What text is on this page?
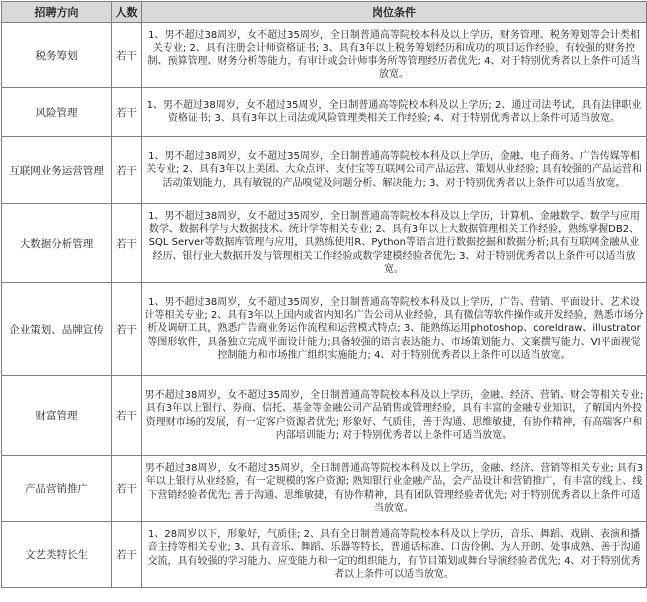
招聘方向	人数	岗位条件
税务筹划	若干	1、男不超过38周岁，女不超过35周岁，全日制普通高等院校本科及以上学历，财务管理、税务筹划等会计类相关专业; 2、具有注册会计师资格证书; 3、具有3年以上税务筹划经历和成功的项目运作经验，有较强的财务控制、预算管理、财务分析等能力，有审计或会计师事务所等管理经历者优先; 4、对于特别优秀者以上条件可适当放宽。
风险管理	若干	1、男不超过38周岁，女不超过35周岁，全日制普通高等院校本科及以上学历; 2、通过司法考试，具有法律职业资格证书; 3、具有3年以上司法或风险管理类相关工作经验; 4、对于特别优秀者以上条件可适当放宽。
互联网业务运营管理	若干	1、男不超过38周岁，女不超过35周岁，全日制普通高等院校本科及以上学历，金融、电子商务、广告传媒等相关专业; 2、具有3年以上美团、大众点评、支付宝等互联网公司产品运营、策划从业经验; 具有较强的产品运营和活动策划能力，具有敏锐的产品嗅觉及问题分析、解决能力; 3、对于特别优秀者以上条件可以适当放宽。
大数据分析管理	若干	1、男不超过38周岁，女不超过35周岁，全日制普通高等院校本科及以上学历，计算机、金融数学、数学与应用数学、数据科学与大数据技术、统计学等相关专业; 2、具有3年以上大数据管理相关工作经验，熟练掌握DB2、SQL Server等数据库管理与应用，具熟练使用R、Python等语言进行数据挖掘和数据分析;具有互联网金融从业经历、银行业大数据开发与管理相关工作经验或数学建模经验者优先; 3、对于特别优秀者以上条件可以适当放宽。
企业策划、品牌宣传	若干	1、男不超过38周岁，女不超过35周岁，全日制普通高等院校本科及以上学历，广告、营销、平面设计、艺术设计等相关专业; 2、具有3年以上国内或省内知名广告公司从业经验，具有微信等软件操作或开发经验，熟悉市场分析及调研工具，熟悉广告商业务运作流程和运营模式特点; 3、能熟练运用photoshop、coreldraw、illustrator等图形软件，具备独立完成平面设计能力;具备较强的语言表达能力、市场策划能力、文案撰写能力、VI平面视觉控制能力和市场推广组织实施能力; 4、对于特别优秀者以上条件可以适当放宽。
财富管理	若干	男不超过38周岁，女不超过35周岁，全日制普通高等院校本科及以上学历，金融、经济、营销、财会等相关专业; 具有3年以上银行、券商、信托、基金等金融公司产品销售或管理经验，具有丰富的金融专业知识，了解国内外投资理财市场的发展，有一定客户资源者优先; 形象好、气质佳，善于沟通、思维敏捷，有协作精神，有高端客户和内部培训能力; 对于特别优秀者以上条件可适当放宽。
产品营销推广	若干	男不超过38周岁，女不超过35周岁，全日制普通高等院校本科及以上学历，金融、经济、营销等相关专业; 具有3年以上银行从业经验，有一定规模的客户资源; 熟知银行业金融产品，会产品设计和营销推广，有丰富的线上、线下营销经验者优先; 善于沟通、思维敏捷，有协作精神，具有团队管理经验者优先; 对于特别优秀者以上条件可适当放宽。
文艺类特长生	若干	1、28周岁以下，形象好，气质佳; 2、具有全日制普通高等院校本科及以上学历，音乐、舞蹈、戏剧、表演和播音主持等相关专业; 3、具有音乐、舞蹈、乐器等特长，普通话标准、口齿伶俐、为人开朗、处事成熟、善于沟通交流，具有较强的学习能力、应变能力和一定的组织能力，有节目策划或舞台导演经验者优先; 4、对于特别优秀者以上条件可以适当放宽。
